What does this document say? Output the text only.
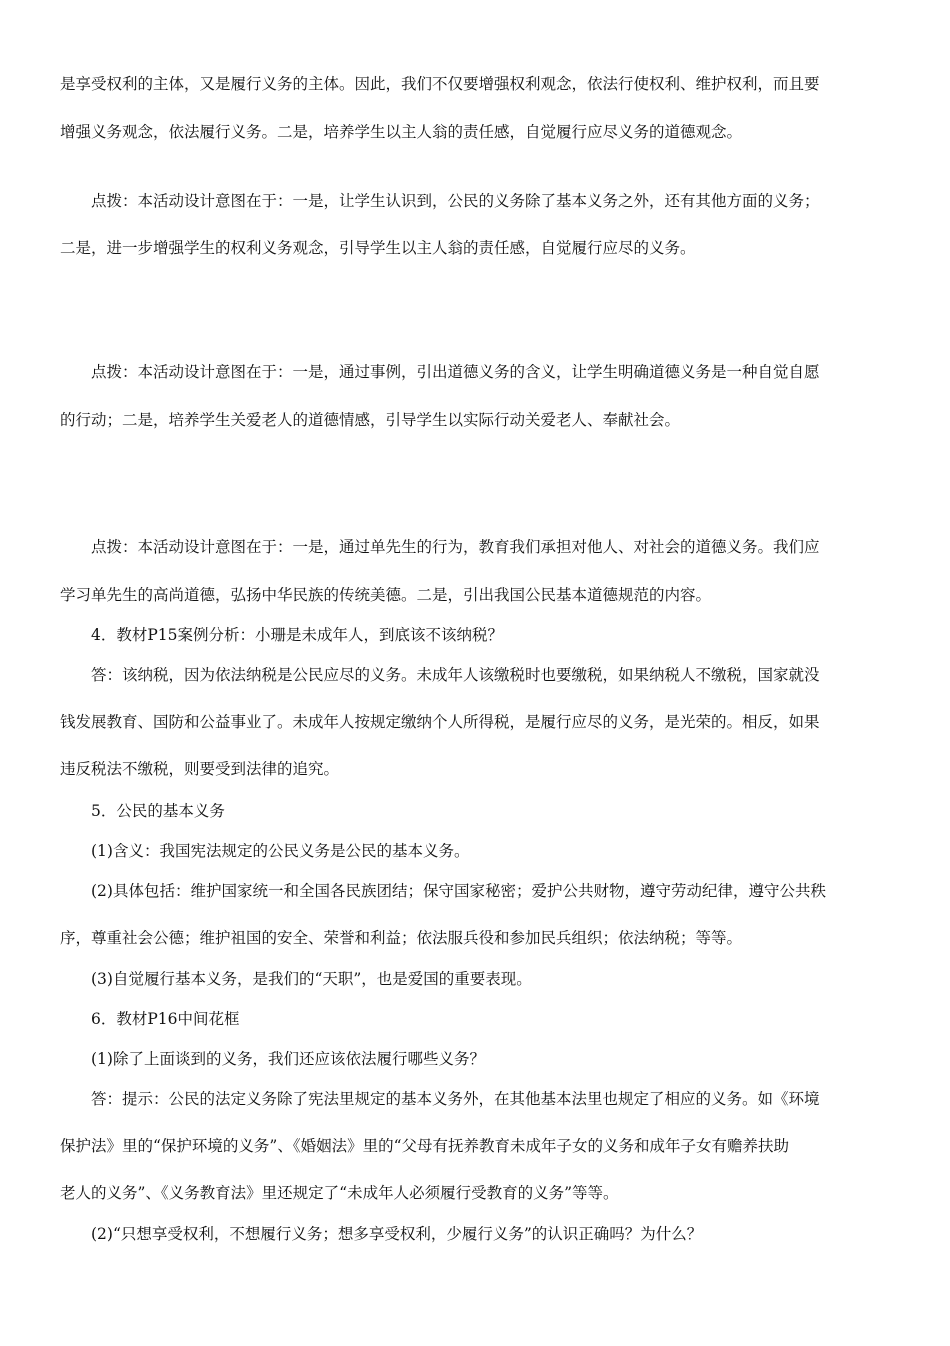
是享受权利的主体，又是履行义务的主体。因此，我们不仅要增强权利观念，依法行使权利、维护权利，而且要

增强义务观念，依法履行义务。二是，培养学生以主人翁的责任感，自觉履行应尽义务的道德观念。

点拨：本活动设计意图在于：一是，让学生认识到，公民的义务除了基本义务之外，还有其他方面的义务；

二是，进一步增强学生的权利义务观念，引导学生以主人翁的责任感，自觉履行应尽的义务。

点拨：本活动设计意图在于：一是，通过事例，引出道德义务的含义，让学生明确道德义务是一种自觉自愿

的行动；二是，培养学生关爱老人的道德情感，引导学生以实际行动关爱老人、奉献社会。

点拨：本活动设计意图在于：一是，通过单先生的行为，教育我们承担对他人、对社会的道德义务。我们应

学习单先生的高尚道德，弘扬中华民族的传统美德。二是，引出我国公民基本道德规范的内容。

4．教材P15案例分析：小珊是未成年人，到底该不该纳税？

答：该纳税，因为依法纳税是公民应尽的义务。未成年人该缴税时也要缴税，如果纳税人不缴税，国家就没

钱发展教育、国防和公益事业了。未成年人按规定缴纳个人所得税，是履行应尽的义务，是光荣的。相反，如果

违反税法不缴税，则要受到法律的追究。

5．公民的基本义务

(1)含义：我国宪法规定的公民义务是公民的基本义务。

(2)具体包括：维护国家统一和全国各民族团结；保守国家秘密；爱护公共财物，遵守劳动纪律，遵守公共秩

序，尊重社会公德；维护祖国的安全、荣誉和利益；依法服兵役和参加民兵组织；依法纳税；等等。

(3)自觉履行基本义务，是我们的“天职”，也是爱国的重要表现。

6．教材P16中间花框

(1)除了上面谈到的义务，我们还应该依法履行哪些义务？

答：提示：公民的法定义务除了宪法里规定的基本义务外，在其他基本法里也规定了相应的义务。如《环境

保护法》里的“保护环境的义务”、《婚姻法》里的“父母有抚养教育未成年子女的义务和成年子女有赡养扶助

老人的义务”、《义务教育法》里还规定了“未成年人必须履行受教育的义务”等等。

(2)“只想享受权利，不想履行义务；想多享受权利，少履行义务”的认识正确吗？为什么？
